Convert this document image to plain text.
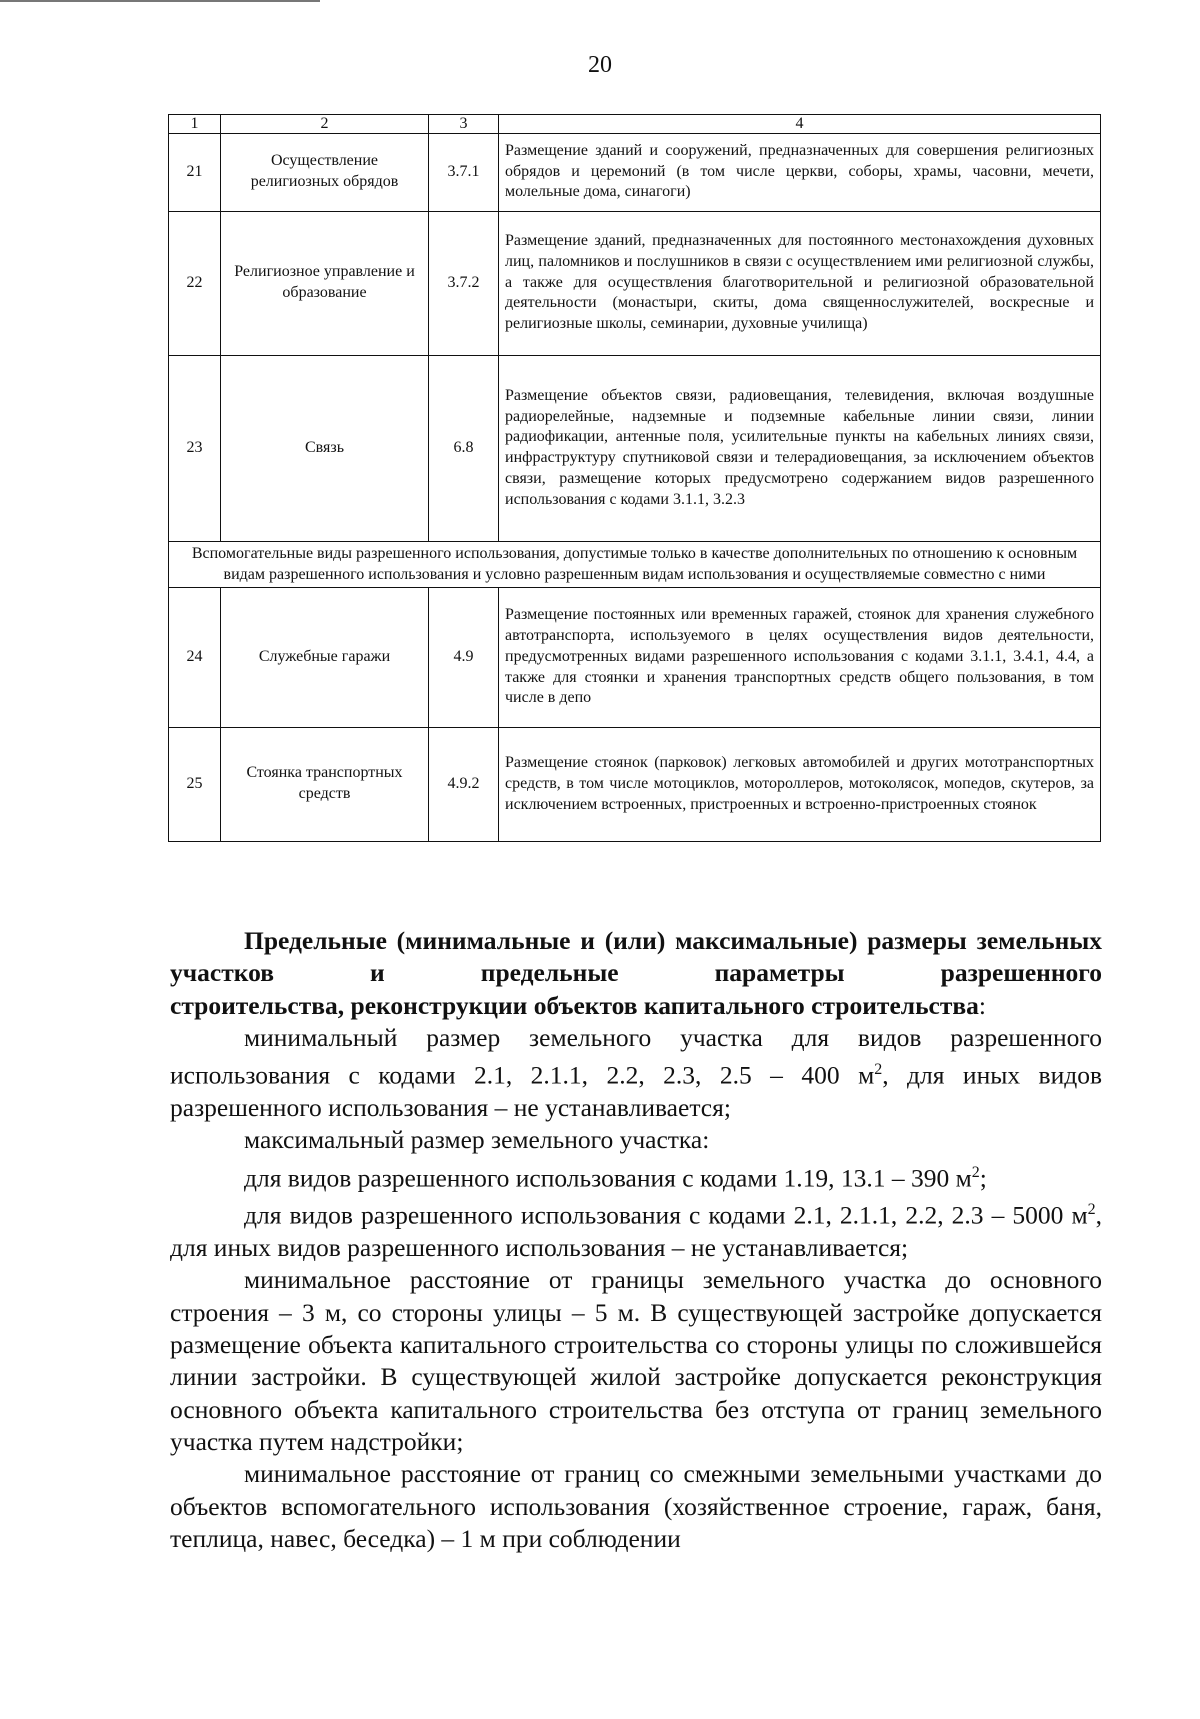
20
1	2	3	4
21	Осуществление религиозных обрядов	3.7.1	Размещение зданий и сооружений, предназначенных для совершения религиозных обрядов и церемоний (в том числе церкви, соборы, храмы, часовни, мечети, молельные дома, синагоги)
22	Религиозное управление и образование	3.7.2	Размещение зданий, предназначенных для постоянного местонахождения духовных лиц, паломников и послушников в связи с осуществлением ими религиозной службы, а также для осуществления благотворительной и религиозной образовательной деятельности (монастыри, скиты, дома священнослужителей, воскресные и религиозные школы, семинарии, духовные училища)
23	Связь	6.8	Размещение объектов связи, радиовещания, телевидения, включая воздушные радиорелейные, надземные и подземные кабельные линии связи, линии радиофикации, антенные поля, усилительные пункты на кабельных линиях связи, инфраструктуру спутниковой связи и телерадиовещания, за исключением объектов связи, размещение которых предусмотрено содержанием видов разрешенного использования с кодами 3.1.1, 3.2.3
Вспомогательные виды разрешенного использования, допустимые только в качестве дополнительных по отношению к основным видам разрешенного использования и условно разрешенным видам использования и осуществляемые совместно с ними			
24	Служебные гаражи	4.9	Размещение постоянных или временных гаражей, стоянок для хранения служебного автотранспорта, используемого в целях осуществления видов деятельности, предусмотренных видами разрешенного использования с кодами 3.1.1, 3.4.1, 4.4, а также для стоянки и хранения транспортных средств общего пользования, в том числе в депо
25	Стоянка транспортных средств	4.9.2	Размещение стоянок (парковок) легковых автомобилей и других мототранспортных средств, в том числе мотоциклов, мотороллеров, мотоколясок, мопедов, скутеров, за исключением встроенных, пристроенных и встроенно-пристроенных стоянок

Предельные (минимальные и (или) максимальные) размеры земельных участков и предельные параметры разрешенного
строительства, реконструкции объектов капитального строительства:

минимальный размер земельного участка для видов разрешенного использования с кодами 2.1, 2.1.1, 2.2, 2.3, 2.5 – 400 $м^2$, для иных видов разрешенного использования – не устанавливается;

максимальный размер земельного участка:

для видов разрешенного использования с кодами 1.19, 13.1 – 390 $м^2$;

для видов разрешенного использования с кодами 2.1, 2.1.1, 2.2, 2.3 – 5000 $м^2$, для иных видов разрешенного использования – не устанавливается;

минимальное расстояние от границы земельного участка до основного строения – 3 м, со стороны улицы – 5 м. В существующей застройке допускается размещение объекта капитального строительства со стороны улицы по сложившейся линии застройки. В существующей жилой застройке допускается реконструкция основного объекта капитального строительства без отступа от границ земельного участка путем надстройки;

минимальное расстояние от границ со смежными земельными участками до объектов вспомогательного использования (хозяйственное строение, гараж, баня, теплица, навес, беседка) – 1 м при соблюдении
